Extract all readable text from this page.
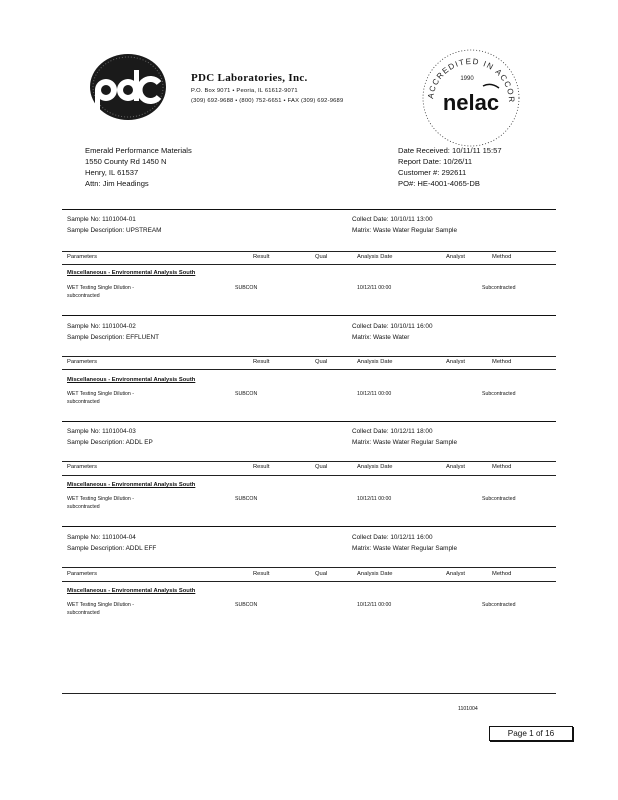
PDC Laboratories, Inc.
P.O. Box 9071 • Peoria, IL 61612-9071
(309) 692-9688 • (800) 752-6651 • FAX (309) 692-9689
ACCREDITED IN ACCOR
1990
nelac
Emerald Performance Materials
1550 County Rd 1450 N
Henry, IL 61537
Attn: Jim Headings
Date Received: 10/11/11 15:57
Report Date: 10/26/11
Customer #: 292611
PO#: HE-4001-4065-DB
Sample No: 1101004-01
Sample Description: UPSTREAM
Collect Date: 10/10/11 13:00
Matrix: Waste Water Regular Sample
Parameters	Result	Qual	Analysis Date	Analyst	Method
Miscellaneous - Environmental Analysis South
WET Testing Single Dilution -
subcontracted
SUBCON	10/12/11 00:00	Subcontracted
Sample No: 1101004-02
Sample Description: EFFLUENT
Collect Date: 10/10/11 16:00
Matrix: Waste Water
Parameters	Result	Qual	Analysis Date	Analyst	Method
Miscellaneous - Environmental Analysis South
WET Testing Single Dilution -
subcontracted
SUBCON	10/12/11 00:00	Subcontracted
Sample No: 1101004-03
Sample Description: ADDL EP
Collect Date: 10/12/11 18:00
Matrix: Waste Water Regular Sample
Parameters	Result	Qual	Analysis Date	Analyst	Method
Miscellaneous - Environmental Analysis South
WET Testing Single Dilution -
subcontracted
SUBCON	10/12/11 00:00	Subcontracted
Sample No: 1101004-04
Sample Description: ADDL EFF
Collect Date: 10/12/11 16:00
Matrix: Waste Water Regular Sample
Parameters	Result	Qual	Analysis Date	Analyst	Method
Miscellaneous - Environmental Analysis South
WET Testing Single Dilution -
subcontracted
SUBCON	10/12/11 00:00	Subcontracted
1101004
Page 1 of 16
